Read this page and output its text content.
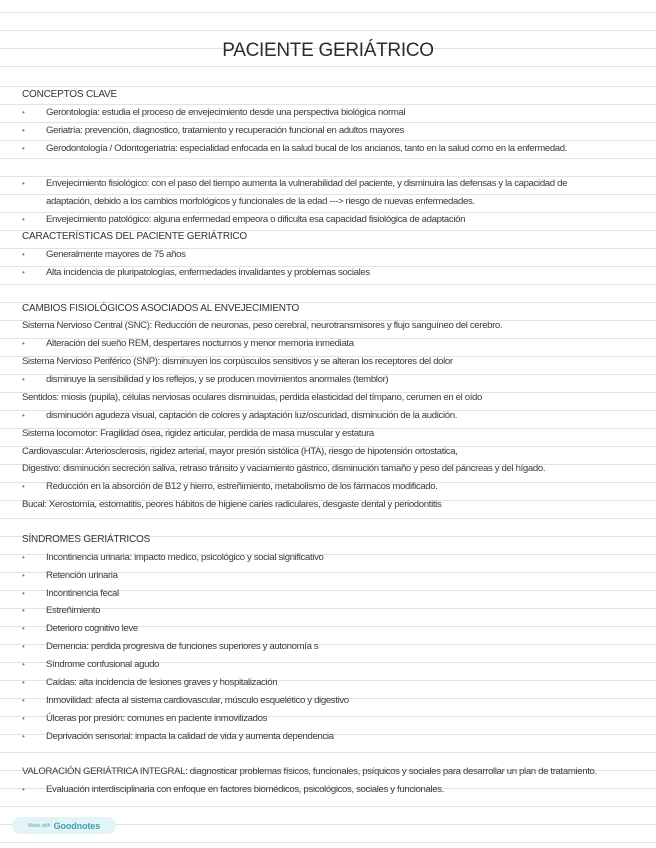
PACIENTE GERIÁTRICO
CONCEPTOS CLAVE
• Gerontología: estudia el proceso de envejecimiento desde una perspectiva biológica normal
• Geriatría: prevención, diagnostico, tratamiento y recuperación funcional en adultos mayores
• Gerodontología / Odontogeriatria: especialidad enfocada en la salud bucal de los ancianos, tanto en la salud como en la enfermedad.
• Envejecimiento fisiológico: con el paso del tiempo aumenta la vulnerabilidad del paciente, y disminuira las defensas y la capacidad de
adaptación, debido a los cambios morfológicos y funcionales de la edad ---> riesgo de nuevas enfermedades.
• Envejecimiento patológico: alguna enfermedad empeora o dificulta esa capacidad fisiológica de adaptación
CARACTERÍSTICAS DEL PACIENTE GERIÁTRICO
• Generalmente mayores de 75 años
• Alta incidencia de pluripatologías, enfermedades invalidantes y problemas sociales
CAMBIOS FISIOLÓGICOS ASOCIADOS AL ENVEJECIMIENTO
Sistema Nervioso Central (SNC): Reducción de neuronas, peso cerebral, neurotransmisores y flujo sanguíneo del cerebro.
• Alteración del sueño REM, despertares nocturnos y menor memoria inmediata
Sistema Nervioso Periférico (SNP): disminuyen los corpúsculos sensitivos y se alteran los receptores del dolor
• disminuye la sensibilidad y los reflejos, y se producen movimientos anormales (temblor)
Sentidos: miosis (pupila), células nerviosas oculares disminuidas, perdida elasticidad del tímpano, cerumen en el oído
• disminución agudeza visual, captación de colores y adaptación luz/oscuridad, disminución de la audición.
Sistema locomotor: Fragilidad ósea, rigidez articular, perdida de masa muscular y estatura
Cardiovascular: Arteriosclerosis, rigidez arterial, mayor presión sistólica (HTA), riesgo de hipotensión ortostatica,
Digestivo: disminución secreción saliva, retraso tránsito y vaciamiento gástrico, disminución tamaño y peso del páncreas y del hígado.
• Reducción en la absorción de B12 y hierro, estreñimiento, metabolismo de los fármacos modificado.
Bucal: Xerostomía, estomatitis, peores hábitos de higiene caries radiculares, desgaste dental y periodontitis
SÍNDROMES GERIÁTRICOS
• Incontinencia urinaria: impacto medico, psicológico y social significativo
• Retención urinaria
• Incontinencia fecal
• Estreñimiento
• Deterioro cognitivo leve
• Demencia: perdida progresiva de funciones superiores y autonomía s
• Síndrome confusional agudo
• Caídas: alta incidencia de lesiones graves y hospitalización
• Inmovilidad: afecta al sistema cardiovascular, músculo esquelético y digestivo
• Úlceras por presión: comunes en paciente inmovilizados
• Deprivación sensorial: impacta la calidad de vida y aumenta dependencia
VALORACIÓN GERIÁTRICA INTEGRAL: diagnosticar problemas físicos, funcionales, psíquicos y sociales para desarrollar un plan de tratamiento.
• Evaluación interdisciplinaria con enfoque en factores biomédicos, psicológicos, sociales y funcionales.
Made with Goodnotes
